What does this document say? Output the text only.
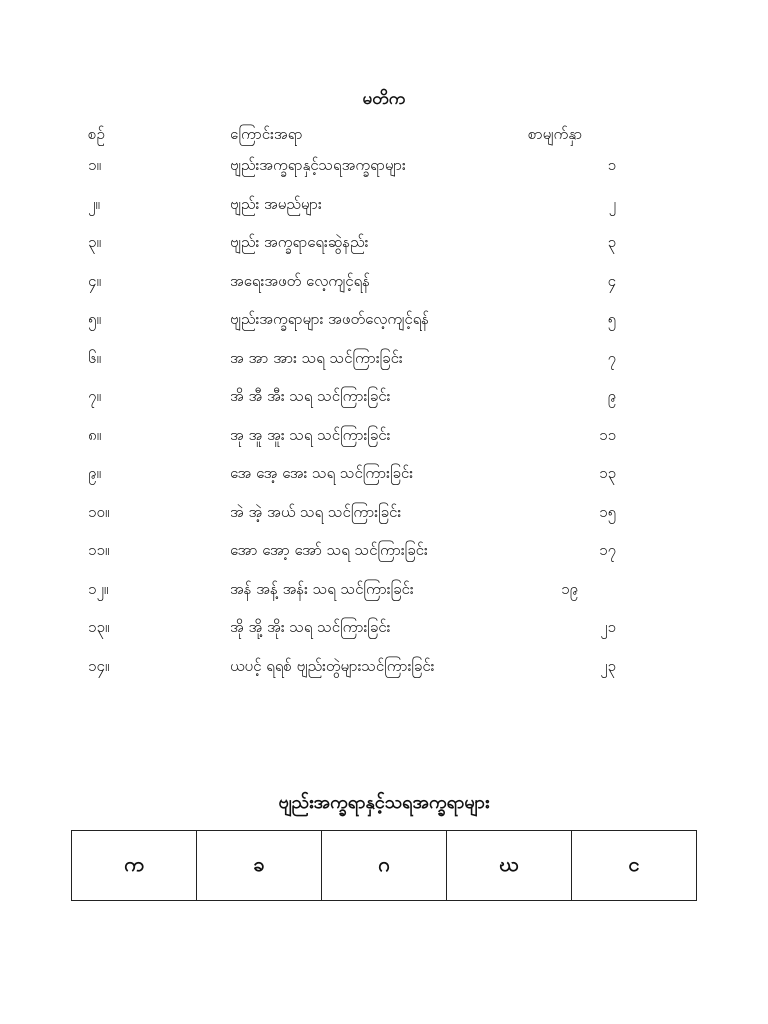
မတိက
စဉ်	ကြောင်းအရာ	စာမျက်နှာ
၁။	ဗျည်းအက္ခရာနှင့်သရအက္ခရာများ	၁
၂။	ဗျည်း အမည်များ	၂
၃။	ဗျည်း အက္ခရာရေးဆွဲနည်း	၃
၄။	အရေးအဖတ် လေ့ကျင့်ရန်	၄
၅။	ဗျည်းအက္ခရာများ အဖတ်လေ့ကျင့်ရန်	၅
၆။	အ အာ အား သရ သင်ကြားခြင်း	၇
၇။	အိ အီ အီး သရ သင်ကြားခြင်း	၉
၈။	အု အူ အူး သရ သင်ကြားခြင်း	၁၁
၉။	အေ အေ့ အေး သရ သင်ကြားခြင်း	၁၃
၁၀။	အဲ အဲ့ အယ် သရ သင်ကြားခြင်း	၁၅
၁၁။	အော အော့ အော် သရ သင်ကြားခြင်း	၁၇
၁၂။	အန် အန့် အန်း သရ သင်ကြားခြင်း	၁၉
၁၃။	အို အို့ အိုး သရ သင်ကြားခြင်း	၂၁
၁၄။	ယပင့် ရရစ် ဗျည်းတွဲများသင်ကြားခြင်း	၂၃
ဗျည်းအက္ခရာနှင့်သရအက္ခရာများ
က	ခ	ဂ	ဃ	င
